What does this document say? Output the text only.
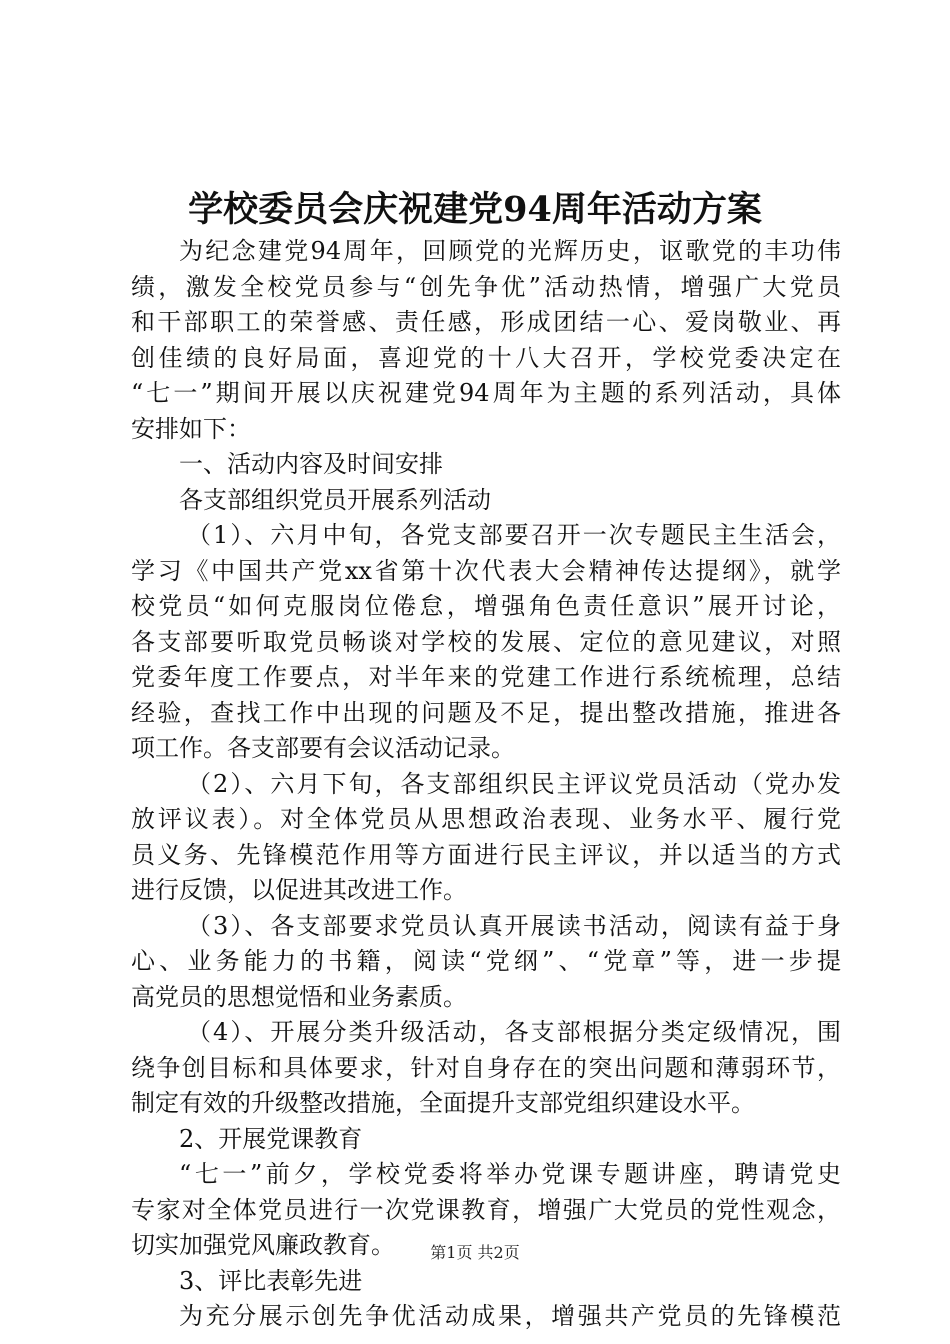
学校委员会庆祝建党94周年活动方案
为纪念建党94周年，回顾党的光辉历史，讴歌党的丰功伟
绩，激发全校党员参与“创先争优”活动热情，增强广大党员
和干部职工的荣誉感、责任感，形成团结一心、爱岗敬业、再
创佳绩的良好局面，喜迎党的十八大召开，学校党委决定在
“七一”期间开展以庆祝建党94周年为主题的系列活动，具体
安排如下：
一、活动内容及时间安排
各支部组织党员开展系列活动
（1）、六月中旬，各党支部要召开一次专题民主生活会，
学习《中国共产党xx省第十次代表大会精神传达提纲》，就学
校党员“如何克服岗位倦怠，增强角色责任意识”展开讨论，
各支部要听取党员畅谈对学校的发展、定位的意见建议，对照
党委年度工作要点，对半年来的党建工作进行系统梳理，总结
经验，查找工作中出现的问题及不足，提出整改措施，推进各
项工作。各支部要有会议活动记录。
（2）、六月下旬，各支部组织民主评议党员活动（党办发
放评议表）。对全体党员从思想政治表现、业务水平、履行党
员义务、先锋模范作用等方面进行民主评议，并以适当的方式
进行反馈，以促进其改进工作。
（3）、各支部要求党员认真开展读书活动，阅读有益于身
心、业务能力的书籍，阅读“党纲”、“党章”等，进一步提
高党员的思想觉悟和业务素质。
（4）、开展分类升级活动，各支部根据分类定级情况，围
绕争创目标和具体要求，针对自身存在的突出问题和薄弱环节，
制定有效的升级整改措施，全面提升支部党组织建设水平。
2、开展党课教育
“七一”前夕，学校党委将举办党课专题讲座，聘请党史
专家对全体党员进行一次党课教育，增强广大党员的党性观念，
切实加强党风廉政教育。
3、评比表彰先进
为充分展示创先争优活动成果，增强共产党员的先锋模范
第1页 共2页
